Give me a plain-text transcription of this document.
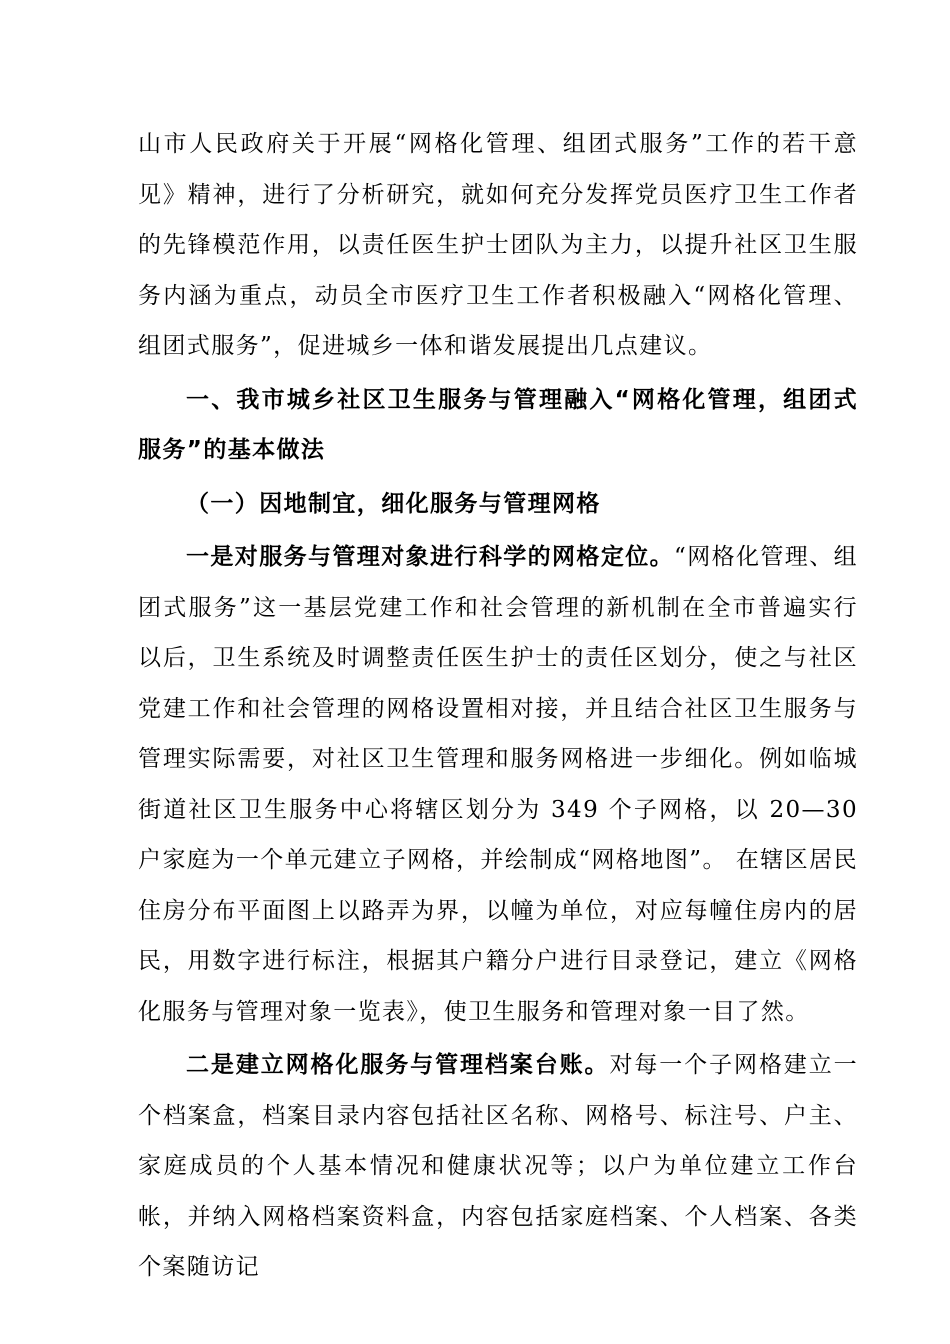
山市人民政府关于开展“网格化管理、组团式服务”工作的若干意见》精神，进行了分析研究，就如何充分发挥党员医疗卫生工作者的先锋模范作用，以责任医生护士团队为主力，以提升社区卫生服务内涵为重点，动员全市医疗卫生工作者积极融入“网格化管理、组团式服务”，促进城乡一体和谐发展提出几点建议。

一、我市城乡社区卫生服务与管理融入“网格化管理，组团式服务”的基本做法

（一）因地制宜，细化服务与管理网格

一是对服务与管理对象进行科学的网格定位。“网格化管理、组团式服务”这一基层党建工作和社会管理的新机制在全市普遍实行以后，卫生系统及时调整责任医生护士的责任区划分，使之与社区党建工作和社会管理的网格设置相对接，并且结合社区卫生服务与管理实际需要，对社区卫生管理和服务网格进一步细化。例如临城街道社区卫生服务中心将辖区划分为 349 个子网格，以 20—30 户家庭为一个单元建立子网格，并绘制成“网格地图”。 在辖区居民住房分布平面图上以路弄为界，以幢为单位，对应每幢住房内的居民，用数字进行标注，根据其户籍分户进行目录登记，建立《网格化服务与管理对象一览表》，使卫生服务和管理对象一目了然。

二是建立网格化服务与管理档案台账。对每一个子网格建立一个档案盒，档案目录内容包括社区名称、网格号、标注号、户主、家庭成员的个人基本情况和健康状况等；以户为单位建立工作台帐，并纳入网格档案资料盒，内容包括家庭档案、个人档案、各类个案随访记
